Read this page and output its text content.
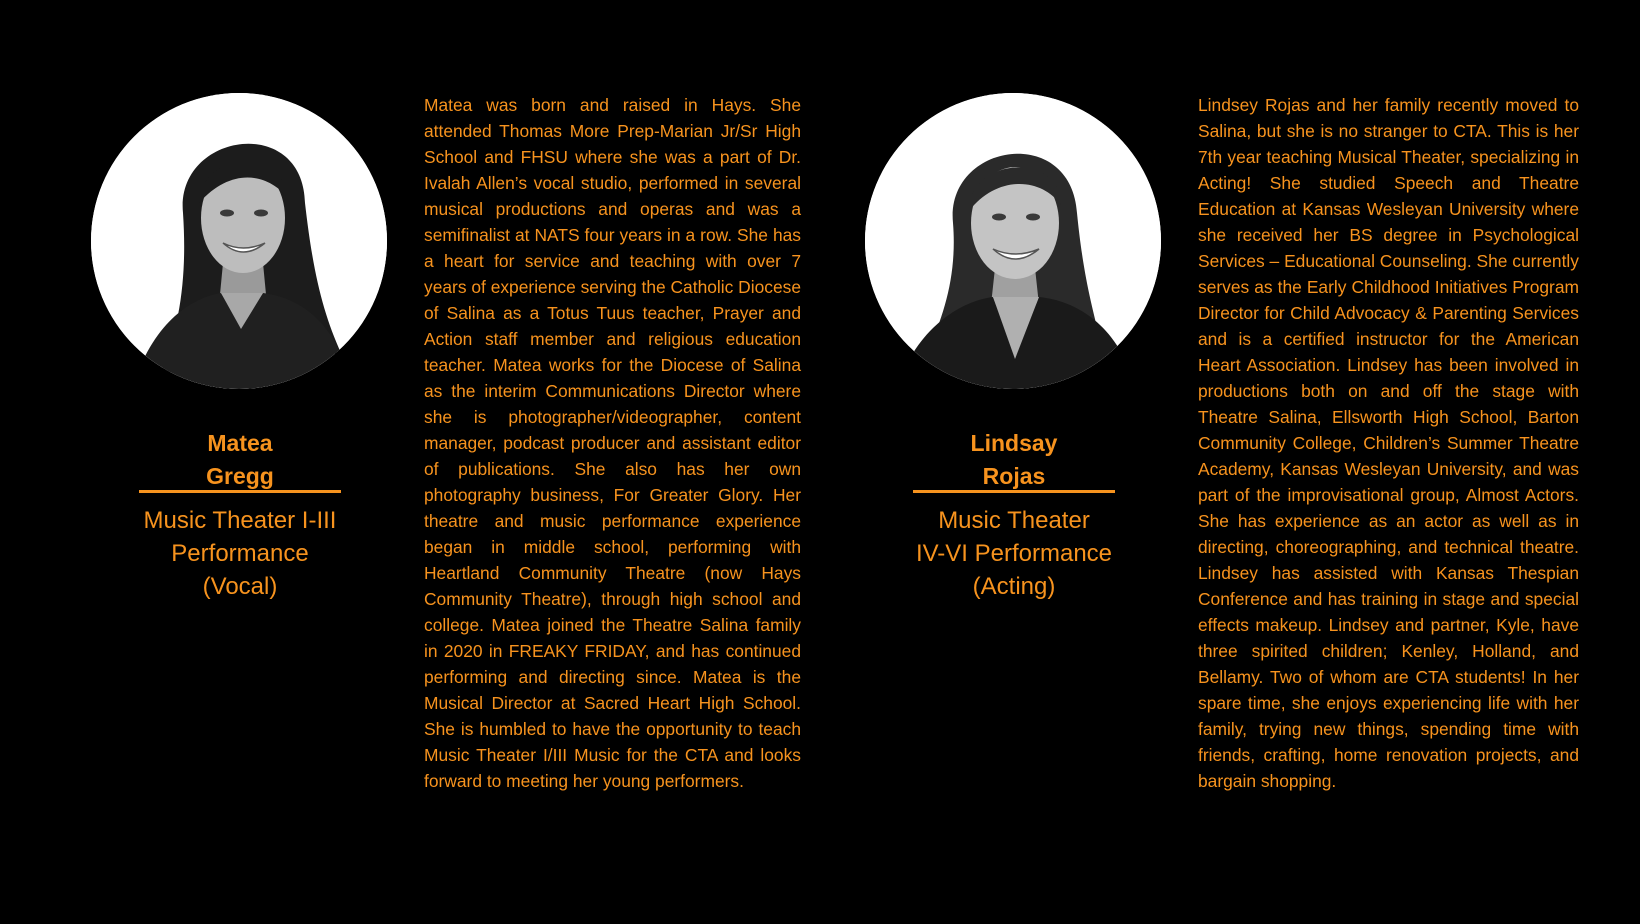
Matea
Gregg
Music Theater I-III
Performance
(Vocal)
Matea was born and raised in Hays. She attended Thomas More Prep-Marian Jr/Sr High School and FHSU where she was a part of Dr. Ivalah Allen’s vocal studio, performed in several musical productions and operas and was a semifinalist at NATS four years in a row. She has a heart for service and teaching with over 7 years of experience serving the Catholic Diocese of Salina as a Totus Tuus teacher, Prayer and Action staff member and religious education teacher. Matea works for the Diocese of Salina as the interim Communications Director where she is photographer/videographer, content manager, podcast producer and assistant editor of publications. She also has her own photography business, For Greater Glory. Her theatre and music performance experience began in middle school, performing with Heartland Community Theatre (now Hays Community Theatre), through high school and college. Matea joined the Theatre Salina family in 2020 in FREAKY FRIDAY, and has continued performing and directing since. Matea is the Musical Director at Sacred Heart High School. She is humbled to have the opportunity to teach Music Theater I/III Music for the CTA and looks forward to meeting her young performers.
Lindsay
Rojas
Music Theater
IV-VI Performance
(Acting)
Lindsey Rojas and her family recently moved to Salina, but she is no stranger to CTA. This is her 7th year teaching Musical Theater, specializing in Acting! She studied Speech and Theatre Education at Kansas Wesleyan University where she received her BS degree in Psychological Services – Educational Counseling. She currently serves as the Early Childhood Initiatives Program Director for Child Advocacy & Parenting Services and is a certified instructor for the American Heart Association. Lindsey has been involved in productions both on and off the stage with Theatre Salina, Ellsworth High School, Barton Community College, Children’s Summer Theatre Academy, Kansas Wesleyan University, and was part of the improvisational group, Almost Actors. She has experience as an actor as well as in directing, choreographing, and technical theatre. Lindsey has assisted with Kansas Thespian Conference and has training in stage and special effects makeup. Lindsey and partner, Kyle, have three spirited children; Kenley, Holland, and Bellamy. Two of whom are CTA students! In her spare time, she enjoys experiencing life with her family, trying new things, spending time with friends, crafting, home renovation projects, and bargain shopping.
